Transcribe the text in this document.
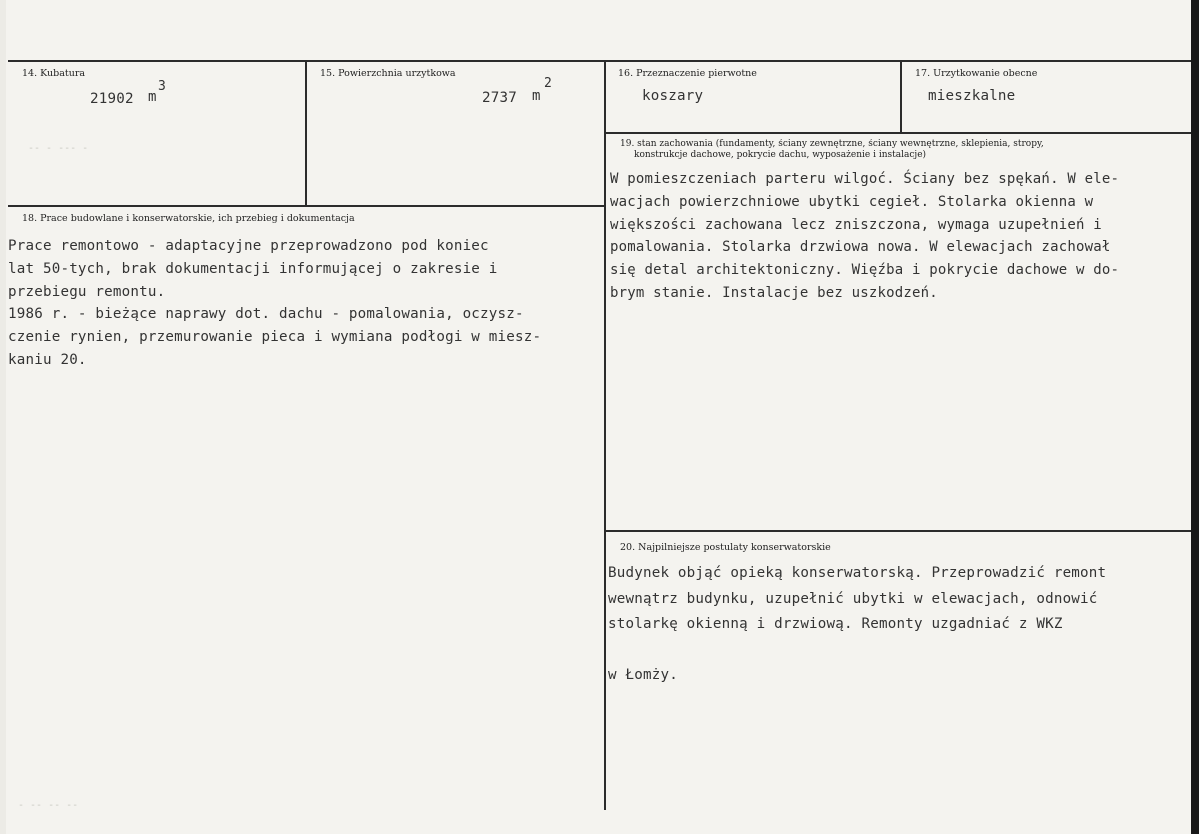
14. Kubatura
21902 m
3
15. Powierzchnia urzytkowa
2737 m
2
16. Przeznaczenie pierwotne
koszary
17. Urzytkowanie obecne
mieszkalne
18. Prace budowlane i konserwatorskie, ich przebieg i dokumentacja
Prace remontowo - adaptacyjne przeprowadzono pod koniec
lat 50-tych, brak dokumentacji informującej o zakresie i
przebiegu remontu.
1986 r. - bieżące naprawy dot. dachu - pomalowania, oczysz-
czenie rynien, przemurowanie pieca i wymiana podłogi w miesz-
kaniu 20.
19. stan zachowania (fundamenty, ściany zewnętrzne, ściany wewnętrzne, sklepienia, stropy,
konstrukcje dachowe, pokrycie dachu, wyposażenie i instalacje)
W pomieszczeniach parteru wilgoć. Ściany bez spękań. W ele-
wacjach powierzchniowe ubytki cegieł. Stolarka okienna w
większości zachowana lecz zniszczona, wymaga uzupełnień i
pomalowania. Stolarka drzwiowa nowa. W elewacjach zachował
się detal architektoniczny. Więźba i pokrycie dachowe w do-
brym stanie. Instalacje bez uszkodzeń.
20. Najpilniejsze postulaty konserwatorskie
Budynek objąć opieką konserwatorską. Przeprowadzić remont
wewnątrz budynku, uzupełnić ubytki w elewacjach, odnowić
stolarkę okienną i drzwiową. Remonty uzgadniać z WKZ

w Łomży.
-- - --- -
- -- -- --
